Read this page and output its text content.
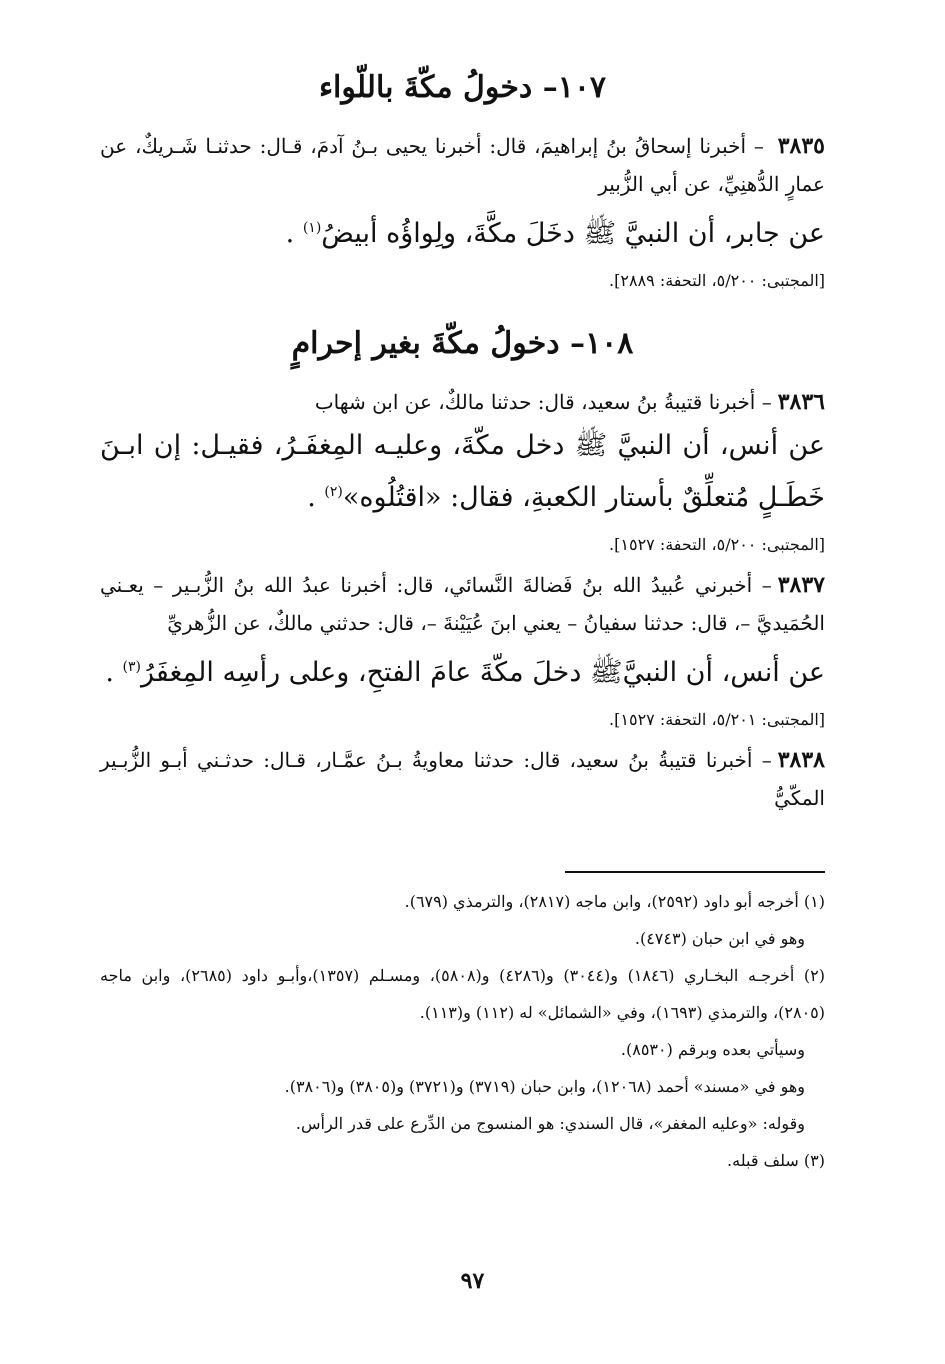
١٠٧– دخولُ مكّةَ باللّواء
٣٨٣٥ – أخبرنا إسحاقُ بنُ إبراهيمَ، قال: أخبرنا يحيى بـنُ آدمَ، قـال: حدثنـا شَـريكٌ، عن عمارٍ الدُّهنِيِّ، عن أبي الزُّبير
عن جابر، أن النبيَّ ﷺ دخَلَ مكَّةَ، ولِواؤُه أبيضُ$^{(١)}$ .
[المجتبى: ٥/٢٠٠، التحفة: ٢٨٨٩].
١٠٨– دخولُ مكّةَ بغير إحرامٍ
٣٨٣٦– أخبرنا قتيبةُ بنُ سعيد، قال: حدثنا مالكٌ، عن ابن شهاب
عن أنس، أن النبيَّ ﷺ دخل مكّةَ، وعليـه المِغفَـرُ، فقيـل: إن ابـنَ خَطَـلٍ مُتعلِّقٌ بأستار الكعبةِ، فقال: «اقتُلُوه»$^{(٢)}$ .
[المجتبى: ٥/٢٠٠، التحفة: ١٥٢٧].
٣٨٣٧– أخبرني عُبيدُ الله بنُ فَضالةَ النَّسائي، قال: أخبرنا عبدُ الله بنُ الزُّبـير – يعـني الحُمَيديَّ –، قال: حدثنا سفيانُ – يعني ابنَ عُيَيْنةَ –، قال: حدثني مالكٌ، عن الزُّهريِّ
عن أنس، أن النبيَّﷺ دخلَ مكّةَ عامَ الفتحِ، وعلى رأسِه المِغفَرُ$^{(٣)}$ .
[المجتبى: ٥/٢٠١، التحفة: ١٥٢٧].
٣٨٣٨– أخبرنا قتيبةُ بنُ سعيد، قال: حدثنا معاويةُ بـنُ عمَّـار، قـال: حدثـني أبـو الزُّبـير المكّيُّ
(١) أخرجه أبو داود (٢٥٩٢)، وابن ماجه (٢٨١٧)، والترمذي (٦٧٩).
وهو في ابن حبان (٤٧٤٣).
(٢) أخرجـه البخـاري (١٨٤٦) و(٣٠٤٤) و(٤٢٨٦) و(٥٨٠٨)، ومسـلم (١٣٥٧)،وأبـو داود (٢٦٨٥)، وابن ماجه (٢٨٠٥)، والترمذي (١٦٩٣)، وفي «الشمائل» له (١١٢) و(١١٣).
وسيأتي بعده وبرقم (٨٥٣٠).
وهو في «مسند» أحمد (١٢٠٦٨)، وابن حبان (٣٧١٩) و(٣٧٢١) و(٣٨٠٥) و(٣٨٠٦).
وقوله: «وعليه المغفر»، قال السندي: هو المنسوج من الدِّرع على قدر الرأس.
(٣) سلف قبله.
٩٧
